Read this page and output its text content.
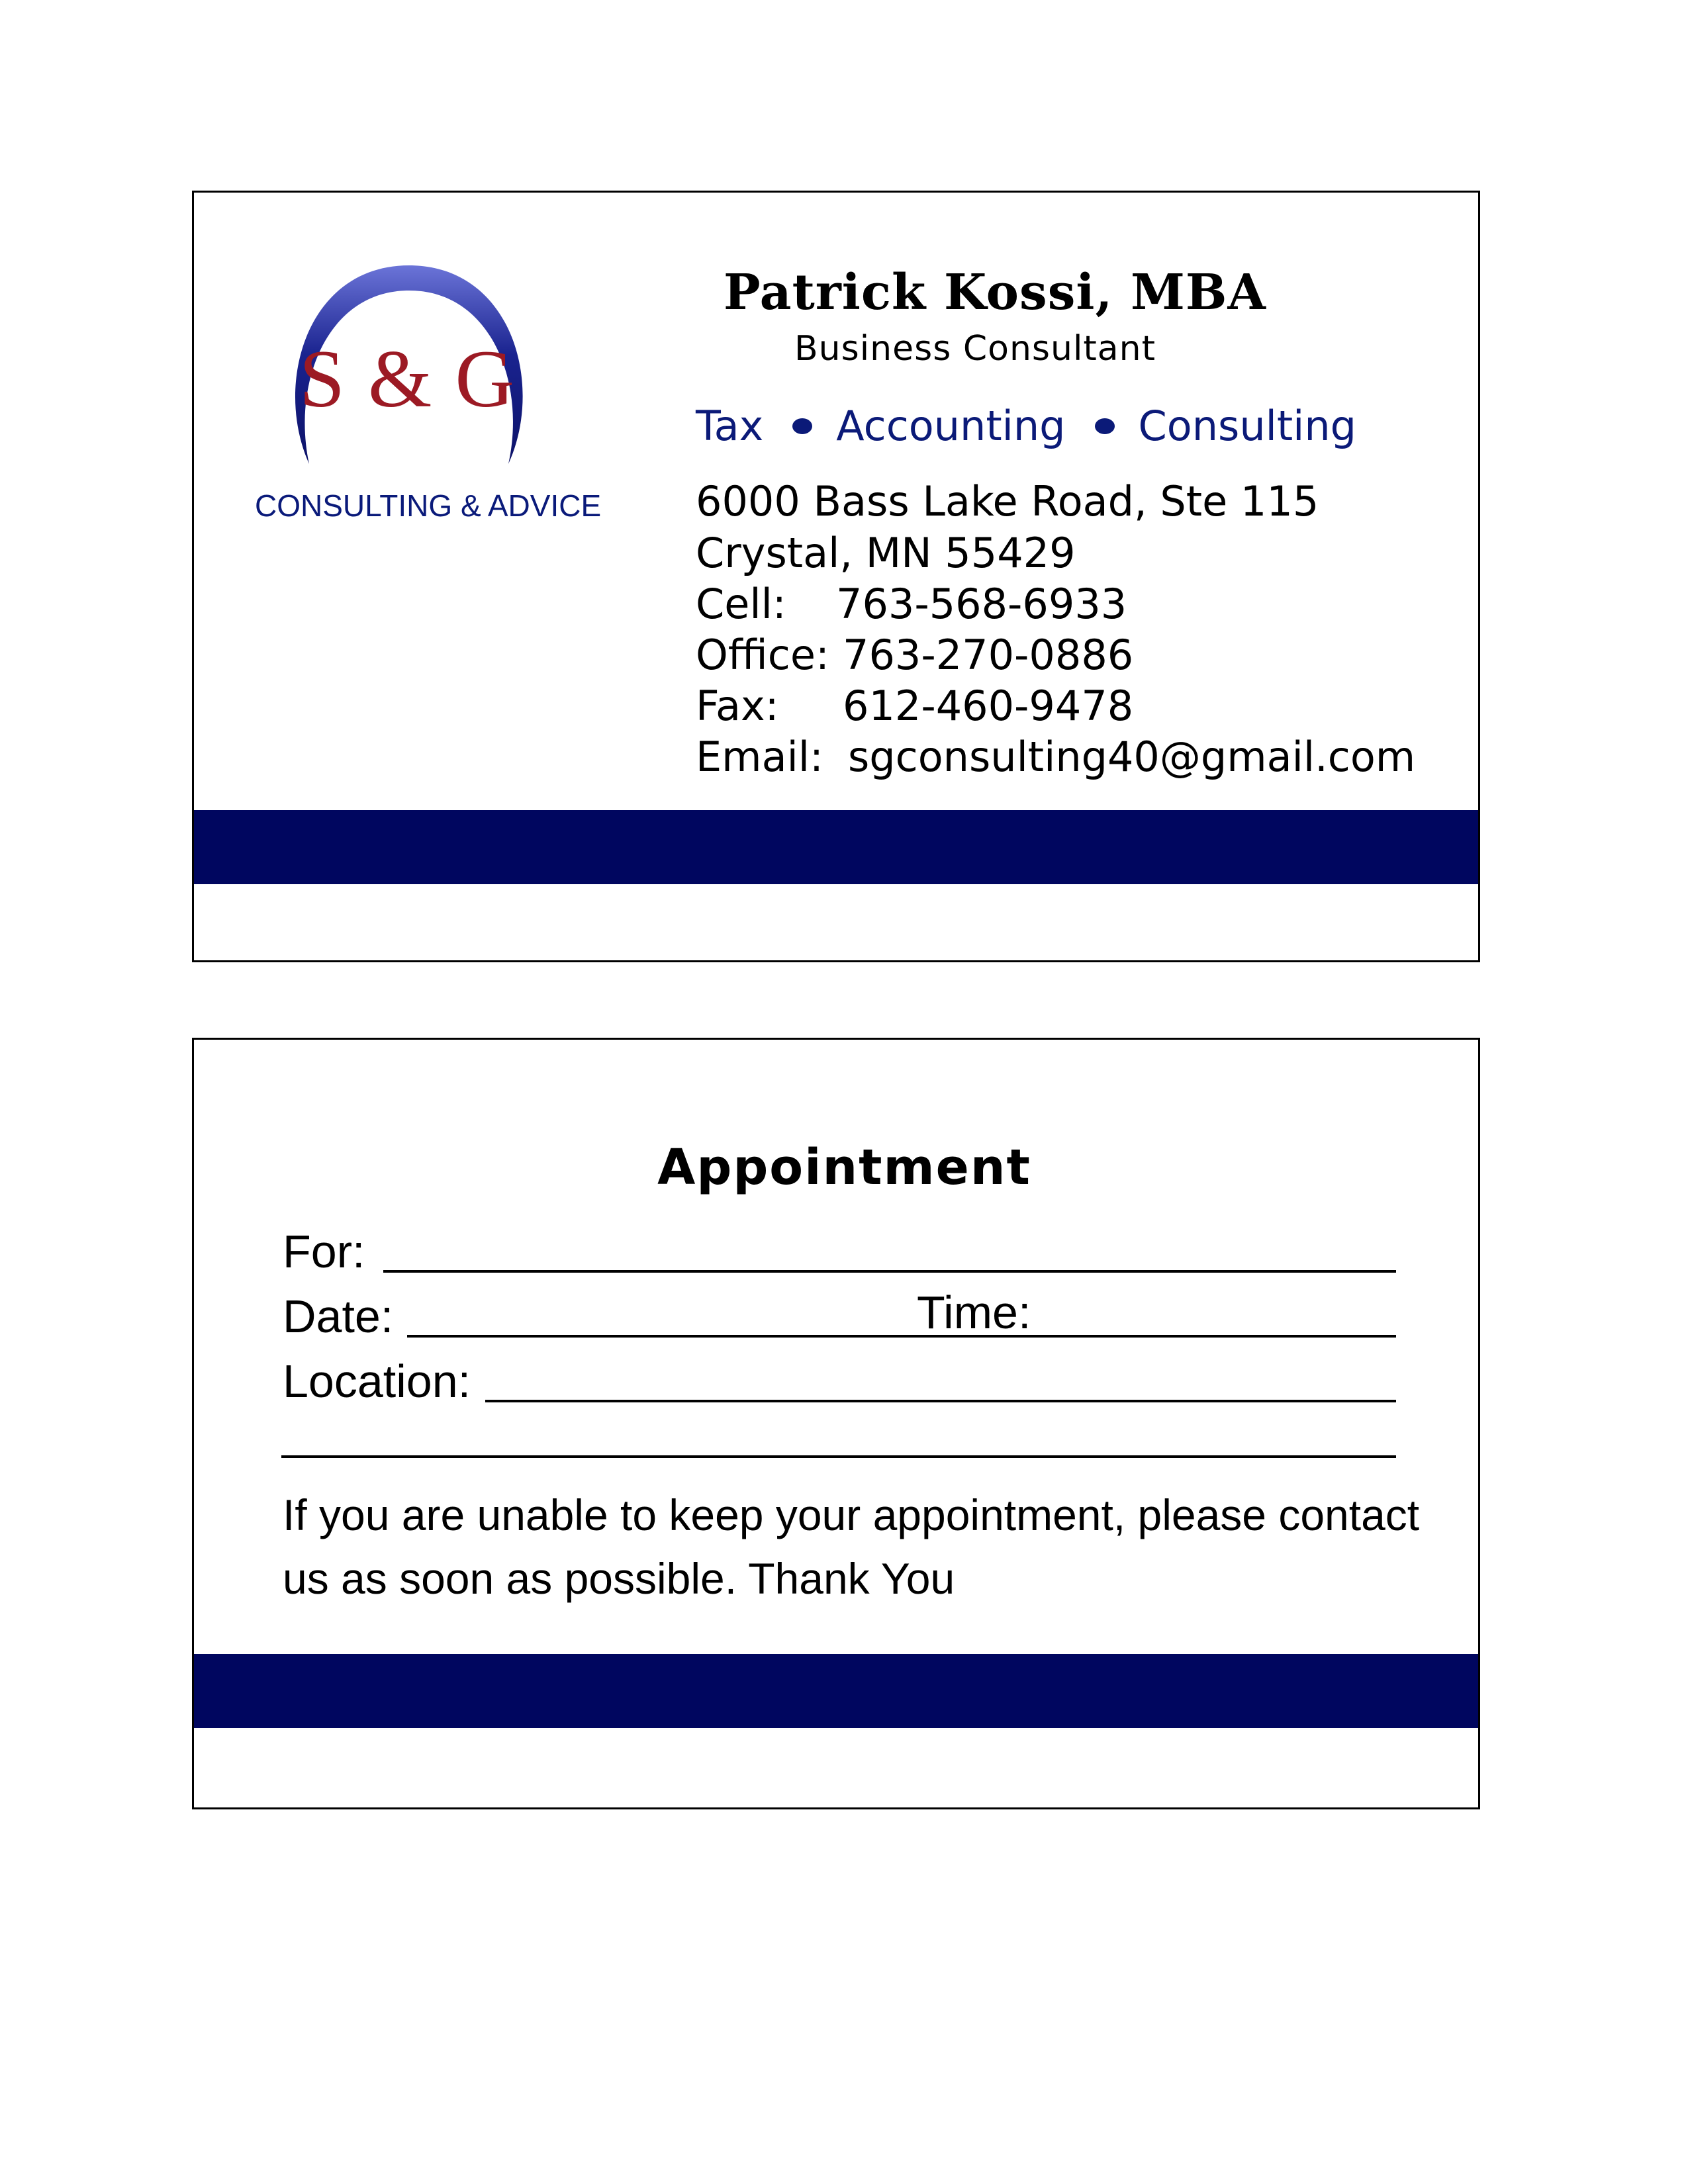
S & G
CONSULTING & ADVICE
Patrick Kossi, MBA
Business Consultant
Tax Accounting Consulting
6000 Bass Lake Road, Ste 115
Crystal, MN 55429
Cell: 763-568-6933
Office: 763-270-0886
Fax: 612-460-9478
Email: sgconsulting40@gmail.com
Appointment
For:
Date:	Time:
Location:
If you are unable to keep your appointment, please contact us as soon as possible. Thank You
